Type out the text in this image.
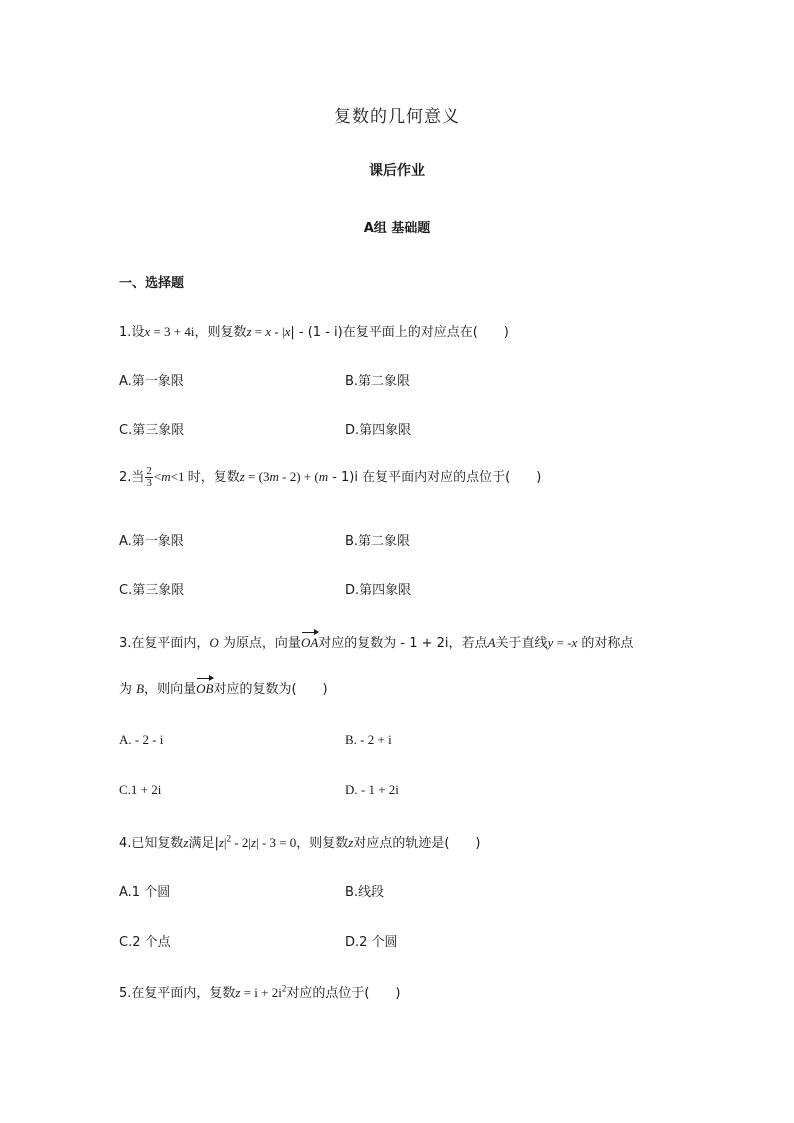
复数的几何意义
课后作业
A组 基础题
一、选择题
1.设x = 3 + 4i，则复数z = x - |x| - (1 - i)在复平面上的对应点在(　　)
A.第一象限	B.第二象限
C.第三象限	D.第四象限
2.当 $\frac{2}{3} <m<1$ 时，复数z = (3m - 2) + (m - 1)i 在复平面内对应的点位于(　　)
A.第一象限	B.第二象限
C.第三象限	D.第四象限
3.在复平面内，O 为原点，向量OA对应的复数为 - 1 + 2i，若点A关于直线y = -x 的对称点
为 B，则向量OB对应的复数为(　　)
A. - 2 - i	B. - 2 + i
C.1 + 2i	D. - 1 + 2i
4.已知复数z满足$|z|^2 - 2|z| - 3 = 0$，则复数z对应点的轨迹是(　　)
A.1 个圆	B.线段
C.2 个点	D.2 个圆
5.在复平面内，复数$z = i + 2i^2$对应的点位于(　　)
